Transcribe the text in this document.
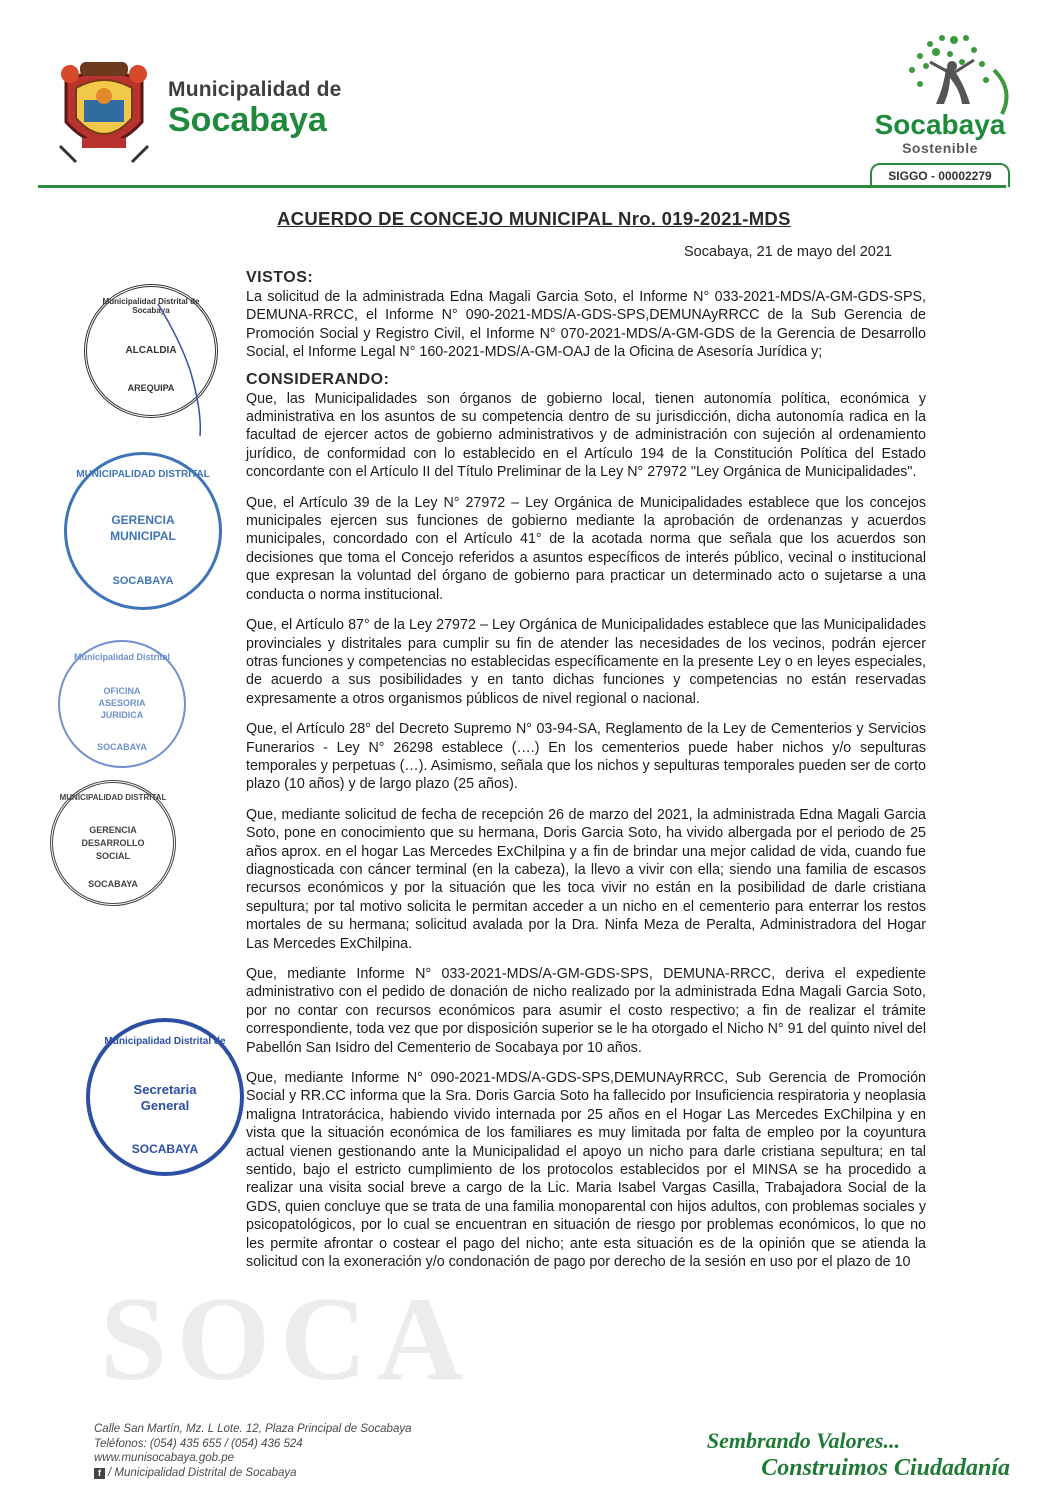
SOCA
Municipalidad de
Socabaya	Socabaya
Sostenible
SIGGO - 00002279
ACUERDO DE CONCEJO MUNICIPAL Nro. 019-2021-MDS
Socabaya, 21 de mayo del 2021
Municipalidad Distrital de Socabaya
ALCALDIA
AREQUIPA
MUNICIPALIDAD DISTRITAL
GERENCIA
MUNICIPAL
SOCABAYA
Municipalidad Distrital
OFICINA
ASESORIA
JURIDICA
SOCABAYA
MUNICIPALIDAD DISTRITAL
GERENCIA
DESARROLLO
SOCIAL
SOCABAYA
Municipalidad Distrital de
Secretaria
General
SOCABAYA
VISTOS:

La solicitud de la administrada Edna Magali Garcia Soto, el Informe N° 033-2021-MDS/A-GM-GDS-SPS, DEMUNA-RRCC, el Informe N° 090-2021-MDS/A-GDS-SPS,DEMUNAyRRCC de la Sub Gerencia de Promoción Social y Registro Civil, el Informe N° 070-2021-MDS/A-GM-GDS de la Gerencia de Desarrollo Social, el Informe Legal N° 160-2021-MDS/A-GM-OAJ de la Oficina de Asesoría Jurídica y;

CONSIDERANDO:

Que, las Municipalidades son órganos de gobierno local, tienen autonomía política, económica y administrativa en los asuntos de su competencia dentro de su jurisdicción, dicha autonomía radica en la facultad de ejercer actos de gobierno administrativos y de administración con sujeción al ordenamiento jurídico, de conformidad con lo establecido en el Artículo 194 de la Constitución Política del Estado concordante con el Artículo II del Título Preliminar de la Ley N° 27972 "Ley Orgánica de Municipalidades".

Que, el Artículo 39 de la Ley N° 27972 – Ley Orgánica de Municipalidades establece que los concejos municipales ejercen sus funciones de gobierno mediante la aprobación de ordenanzas y acuerdos municipales, concordado con el Artículo 41° de la acotada norma que señala que los acuerdos son decisiones que toma el Concejo referidos a asuntos específicos de interés público, vecinal o institucional que expresan la voluntad del órgano de gobierno para practicar un determinado acto o sujetarse a una conducta o norma institucional.

Que, el Artículo 87° de la Ley 27972 – Ley Orgánica de Municipalidades establece que las Municipalidades provinciales y distritales para cumplir su fin de atender las necesidades de los vecinos, podrán ejercer otras funciones y competencias no establecidas específicamente en la presente Ley o en leyes especiales, de acuerdo a sus posibilidades y en tanto dichas funciones y competencias no están reservadas expresamente a otros organismos públicos de nivel regional o nacional.

Que, el Artículo 28° del Decreto Supremo N° 03-94-SA, Reglamento de la Ley de Cementerios y Servicios Funerarios - Ley N° 26298 establece (….) En los cementerios puede haber nichos y/o sepulturas temporales y perpetuas (…). Asimismo, señala que los nichos y sepulturas temporales pueden ser de corto plazo (10 años) y de largo plazo (25 años).

Que, mediante solicitud de fecha de recepción 26 de marzo del 2021, la administrada Edna Magali Garcia Soto, pone en conocimiento que su hermana, Doris Garcia Soto, ha vivido albergada por el periodo de 25 años aprox. en el hogar Las Mercedes ExChilpina y a fin de brindar una mejor calidad de vida, cuando fue diagnosticada con cáncer terminal (en la cabeza), la llevo a vivir con ella; siendo una familia de escasos recursos económicos y por la situación que les toca vivir no están en la posibilidad de darle cristiana sepultura; por tal motivo solicita le permitan acceder a un nicho en el cementerio para enterrar los restos mortales de su hermana; solicitud avalada por la Dra. Ninfa Meza de Peralta, Administradora del Hogar Las Mercedes ExChilpina.

Que, mediante Informe N° 033-2021-MDS/A-GM-GDS-SPS, DEMUNA-RRCC, deriva el expediente administrativo con el pedido de donación de nicho realizado por la administrada Edna Magali Garcia Soto, por no contar con recursos económicos para asumir el costo respectivo; a fin de realizar el trámite correspondiente, toda vez que por disposición superior se le ha otorgado el Nicho N° 91 del quinto nivel del Pabellón San Isidro del Cementerio de Socabaya por 10 años.

Que, mediante Informe N° 090-2021-MDS/A-GDS-SPS,DEMUNAyRRCC, Sub Gerencia de Promoción Social y RR.CC informa que la Sra. Doris Garcia Soto ha fallecido por Insuficiencia respiratoria y neoplasia maligna Intratorácica, habiendo vivido internada por 25 años en el Hogar Las Mercedes ExChilpina y en vista que la situación económica de los familiares es muy limitada por falta de empleo por la coyuntura actual vienen gestionando ante la Municipalidad el apoyo un nicho para darle cristiana sepultura; en tal sentido, bajo el estricto cumplimiento de los protocolos establecidos por el MINSA se ha procedido a realizar una visita social breve a cargo de la Lic. Maria Isabel Vargas Casilla, Trabajadora Social de la GDS, quien concluye que se trata de una familia monoparental con hijos adultos, con problemas sociales y psicopatológicos, por lo cual se encuentran en situación de riesgo por problemas económicos, lo que no les permite afrontar o costear el pago del nicho; ante esta situación es de la opinión que se atienda la solicitud con la exoneración y/o condonación de pago por derecho de la sesión en uso por el plazo de 10

Calle San Martín, Mz. L Lote. 12, Plaza Principal de Socabaya
Teléfonos: (054) 435 655 / (054) 436 524
www.munisocabaya.gob.pe
f / Municipalidad Distrital de Socabaya
Sembrando Valores...
Construimos Ciudadanía
